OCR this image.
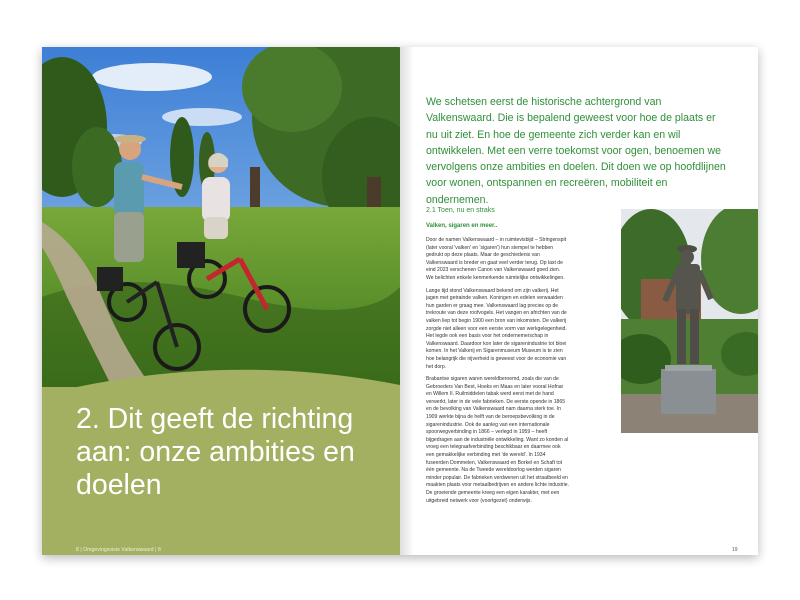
2. Dit geeft de richting aan: onze ambities en doelen
8 | Omgevingsvisie Valkenswaard | 8

We schetsen eerst de historische achtergrond van Valkenswaard. Die is bepalend geweest voor hoe de plaats er nu uit ziet. En hoe de gemeente zich verder kan en wil ontwikkelen. Met een verre toekomst voor ogen, benoemen we vervolgens onze ambities en doelen. Dit doen we op hoofdlijnen voor wonen, ontspannen en recreëren, mobiliteit en ondernemen.

2.1 Toen, nu en straks
Valken, sigaren en meer..

Door de namen Valkenswaard – in ruimtevisbijd – Stringenspit (later vooral 'valken' en 'sigaren') hun stempel te hebben gedrukt op deze plaats. Maar de geschiedenis van Valkenswaard is breder en gaat veel verder terug. Op last de eind 2023 verschenen Canon van Valkenswaard goed zien. We belichten enkele kenmerkende ruimtelijke ontwikkelingen.

Lange tijd stond Valkenswaard bekend om zijn valkerij. Het jagen met getrainde valken. Koningen en edelen verwaaiden hun garden er graag mee. Valkenswaard lag precies op de trekroute van deze roofvogels. Het vangen en africhten van de valken liep tot begin 1900 een bron van inkomsten. De valkerij zorgde niet alleen voor een eerste vorm van werkgelegenheid. Het legde ook een basis voor het ondernemerschap in Valkenswaard. Daardoor kon later de sigarenindustrie tot bloei komen. In het Valkerij en Sigarenmuseum Museum is te zien hoe belangrijk die nijverheid is geweest voor de economie van het dorp.

Brabantse sigaren waren wereldberoemd, zoals die van de Gebroeders Van Best, Hoeks en Maas en later vooral Hofnar en Willem II. Ruilmiddelen tabak werd eerst met de hand verwerkt, later in de vele fabrieken. De eerste opende in 1865 en de bevolking van Valkenswaard nam daarna sterk toe. In 1909 werkte bijna de helft van de beroepsbevolking in de sigarenindustrie. Ook de aanleg van een internationale spoorwegverbinding in 1866 – verlegd in 1959 – heeft bijgedragen aan de industriële ontwikkeling. Want zo konden al vroeg een telegraafverbinding beschikbaar en daarmee ook een gemakkelijke verbinding met 'de wereld'. In 1934 fuseerden Dommelen, Valkenswaard en Borkel en Schaft tot één gemeente. Na de Tweede wereldoorlog werden sigaren minder populair. De fabrieken verdwenen uit het straatbeeld en maakten plaats voor metaalbedrijven en andere lichte industrie. De groeiende gemeente kreeg een eigen karakter, met een uitgebreid netwerk voor (voortgezet) onderwijs.

19
